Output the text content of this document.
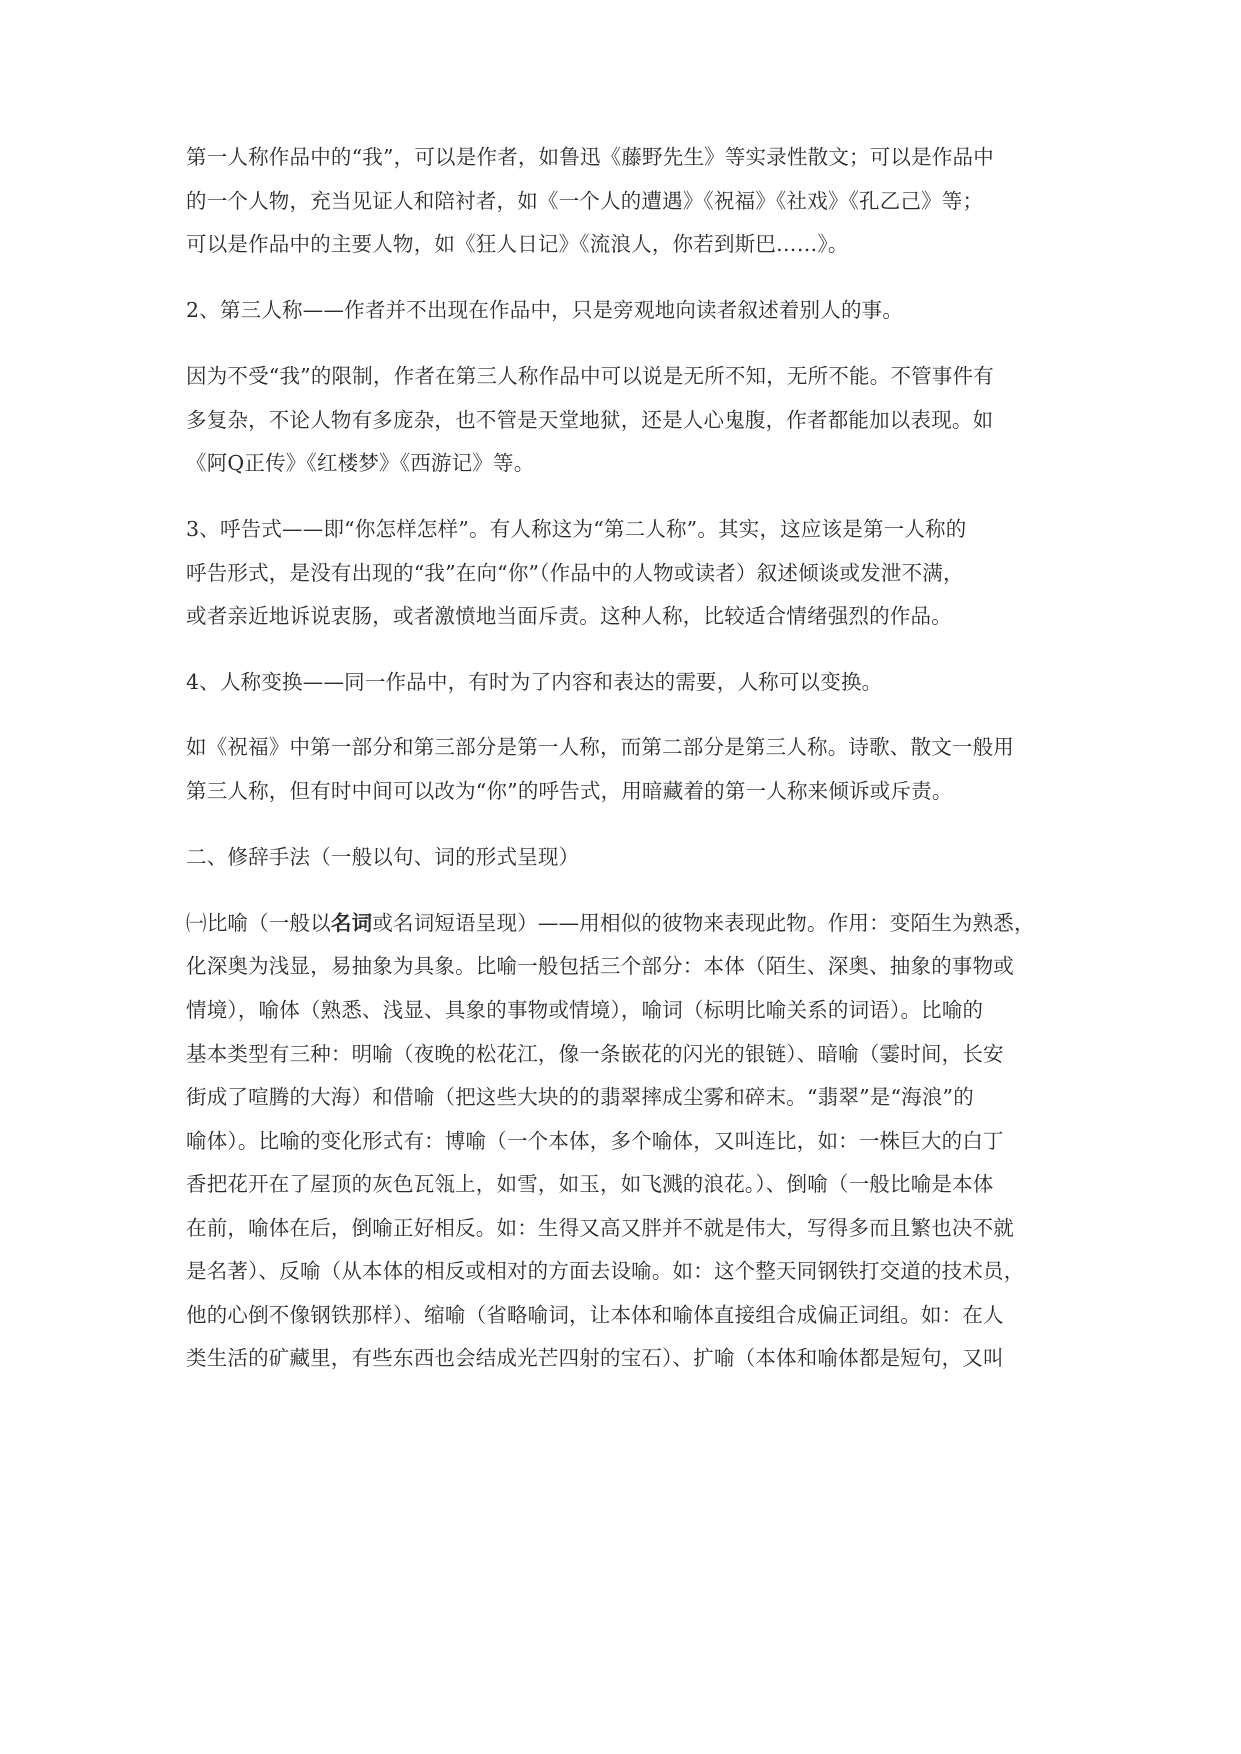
第一人称作品中的“我”，可以是作者，如鲁迅《藤野先生》等实录性散文；可以是作品中
的一个人物，充当见证人和陪衬者，如《一个人的遭遇》《祝福》《社戏》《孔乙己》等；
可以是作品中的主要人物，如《狂人日记》《流浪人，你若到斯巴……》。
2、第三人称——作者并不出现在作品中，只是旁观地向读者叙述着别人的事。
因为不受“我”的限制，作者在第三人称作品中可以说是无所不知，无所不能。不管事件有
多复杂，不论人物有多庞杂，也不管是天堂地狱，还是人心鬼腹，作者都能加以表现。如
《阿Q正传》《红楼梦》《西游记》等。
3、呼告式——即“你怎样怎样”。有人称这为“第二人称”。其实，这应该是第一人称的
呼告形式，是没有出现的“我”在向“你”（作品中的人物或读者）叙述倾谈或发泄不满，
或者亲近地诉说衷肠，或者激愤地当面斥责。这种人称，比较适合情绪强烈的作品。
4、人称变换——同一作品中，有时为了内容和表达的需要，人称可以变换。
如《祝福》中第一部分和第三部分是第一人称，而第二部分是第三人称。诗歌、散文一般用
第三人称，但有时中间可以改为“你”的呼告式，用暗藏着的第一人称来倾诉或斥责。
二、修辞手法（一般以句、词的形式呈现）
㈠比喻（一般以名词或名词短语呈现）——用相似的彼物来表现此物。作用：变陌生为熟悉，
化深奥为浅显，易抽象为具象。比喻一般包括三个部分：本体（陌生、深奥、抽象的事物或
情境），喻体（熟悉、浅显、具象的事物或情境），喻词（标明比喻关系的词语）。比喻的
基本类型有三种：明喻（夜晚的松花江，像一条嵌花的闪光的银链）、暗喻（霎时间，长安
街成了喧腾的大海）和借喻（把这些大块的的翡翠摔成尘雾和碎末。“翡翠”是“海浪”的
喻体）。比喻的变化形式有：博喻（一个本体，多个喻体，又叫连比，如：一株巨大的白丁
香把花开在了屋顶的灰色瓦瓴上，如雪，如玉，如飞溅的浪花。）、倒喻（一般比喻是本体
在前，喻体在后，倒喻正好相反。如：生得又高又胖并不就是伟大，写得多而且繁也决不就
是名著）、反喻（从本体的相反或相对的方面去设喻。如：这个整天同钢铁打交道的技术员，
他的心倒不像钢铁那样）、缩喻（省略喻词，让本体和喻体直接组合成偏正词组。如：在人
类生活的矿藏里，有些东西也会结成光芒四射的宝石）、扩喻（本体和喻体都是短句，又叫
